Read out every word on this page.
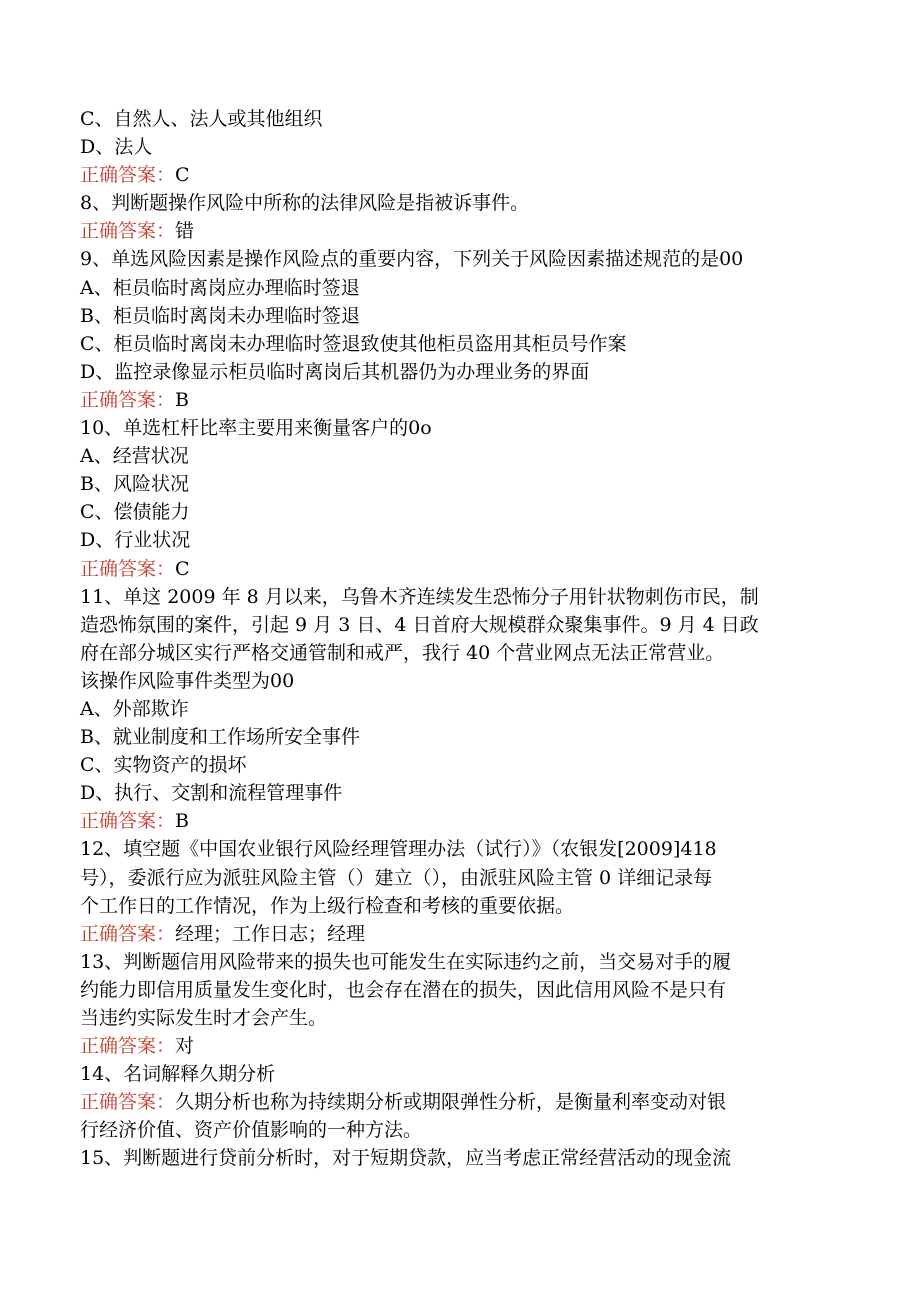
C、自然人、法人或其他组织
D、法人
正确答案：C
8、判断题操作风险中所称的法律风险是指被诉事件。
正确答案：错
9、单选风险因素是操作风险点的重要内容，下列关于风险因素描述规范的是00
A、柜员临时离岗应办理临时签退
B、柜员临时离岗未办理临时签退
C、柜员临时离岗未办理临时签退致使其他柜员盗用其柜员号作案
D、监控录像显示柜员临时离岗后其机器仍为办理业务的界面
正确答案：B
10、单选杠杆比率主要用来衡量客户的0o
A、经营状况
B、风险状况
C、偿债能力
D、行业状况
正确答案：C
11、单这 2009 年 8 月以来，乌鲁木齐连续发生恐怖分子用针状物刺伤市民，制
造恐怖氛围的案件，引起 9 月 3 日、4 日首府大规模群众聚集事件。9 月 4 日政
府在部分城区实行严格交通管制和戒严，我行 40 个营业网点无法正常营业。
该操作风险事件类型为00
A、外部欺诈
B、就业制度和工作场所安全事件
C、实物资产的损坏
D、执行、交割和流程管理事件
正确答案：B
12、填空题《中国农业银行风险经理管理办法（试行）》（农银发[2009]418
号），委派行应为派驻风险主管（）建立（），由派驻风险主管 0 详细记录每
个工作日的工作情况，作为上级行检查和考核的重要依据。
正确答案：经理；工作日志；经理
13、判断题信用风险带来的损失也可能发生在实际违约之前，当交易对手的履
约能力即信用质量发生变化时，也会存在潜在的损失，因此信用风险不是只有
当违约实际发生时才会产生。
正确答案：对
14、名词解释久期分析
正确答案：久期分析也称为持续期分析或期限弹性分析，是衡量利率变动对银
行经济价值、资产价值影响的一种方法。
15、判断题进行贷前分析时，对于短期贷款，应当考虑正常经营活动的现金流
